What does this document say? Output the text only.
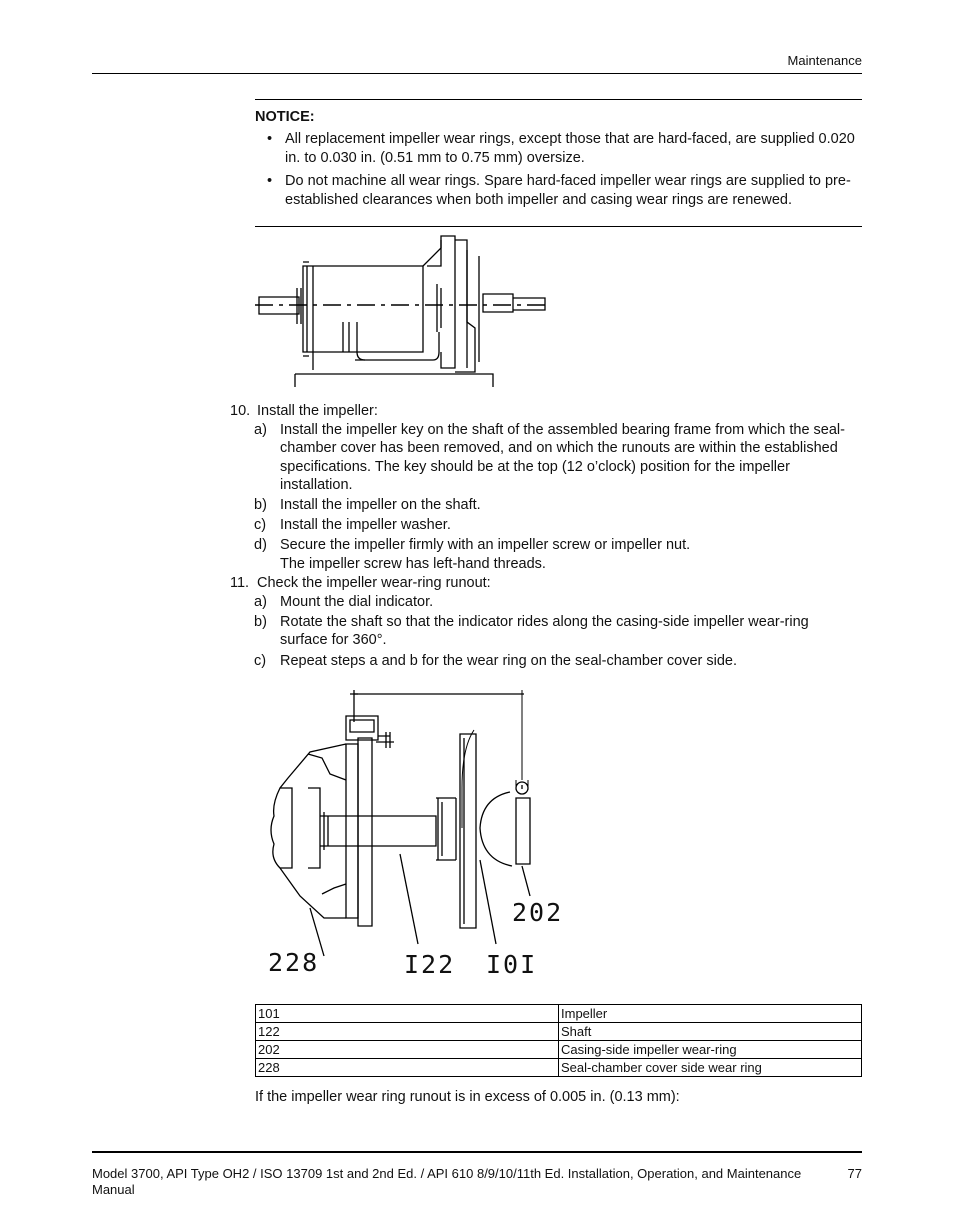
Maintenance
NOTICE:
• All replacement impeller wear rings, except those that are hard-faced, are supplied 0.020 in. to 0.030 in. (0.51 mm to 0.75 mm) oversize.
• Do not machine all wear rings. Spare hard-faced impeller wear rings are supplied to pre-established clearances when both impeller and casing wear rings are renewed.
10. Install the impeller:
a) Install the impeller key on the shaft of the assembled bearing frame from which the seal-chamber cover has been removed, and on which the runouts are within the established specifications. The key should be at the top (12 o’clock) position for the impeller installation.
b) Install the impeller on the shaft.
c) Install the impeller washer.
d) Secure the impeller firmly with an impeller screw or impeller nut.
The impeller screw has left-hand threads.
11. Check the impeller wear-ring runout:
a) Mount the dial indicator.
b) Rotate the shaft so that the indicator rides along the casing-side impeller wear-ring surface for 360°.
c) Repeat steps a and b for the wear ring on the seal-chamber cover side.
228	I22 I0I
202
101	Impeller
122	Shaft
202	Casing-side impeller wear-ring
228	Seal-chamber cover side wear ring
If the impeller wear ring runout is in excess of 0.005 in. (0.13 mm):
Model 3700, API Type OH2 / ISO 13709 1st and 2nd Ed. / API 610 8/9/10/11th Ed. Installation, Operation, and Maintenance Manual
77
